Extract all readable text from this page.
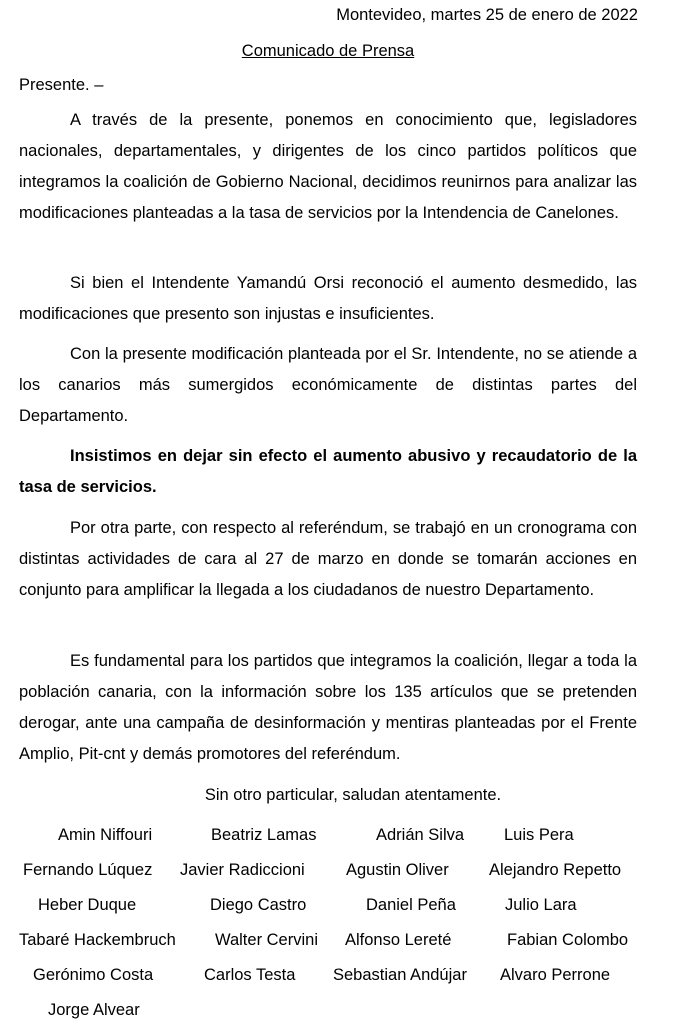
Montevideo, martes 25 de enero de 2022
Comunicado de Prensa
Presente. –

A través de la presente, ponemos en conocimiento que, legisladores nacionales, departamentales, y dirigentes de los cinco partidos políticos que integramos la coalición de Gobierno Nacional, decidimos reunirnos para analizar las modificaciones planteadas a la tasa de servicios por la Intendencia de Canelones.

Si bien el Intendente Yamandú Orsi reconoció el aumento desmedido, las modificaciones que presento son injustas e insuficientes.

Con la presente modificación planteada por el Sr. Intendente, no se atiende a los canarios más sumergidos económicamente de distintas partes del Departamento.

Insistimos en dejar sin efecto el aumento abusivo y recaudatorio de la tasa de servicios.

Por otra parte, con respecto al referéndum, se trabajó en un cronograma con distintas actividades de cara al 27 de marzo en donde se tomarán acciones en conjunto para amplificar la llegada a los ciudadanos de nuestro Departamento.

Es fundamental para los partidos que integramos la coalición, llegar a toda la población canaria, con la información sobre los 135 artículos que se pretenden derogar, ante una campaña de desinformación y mentiras planteadas por el Frente Amplio, Pit-cnt y demás promotores del referéndum.

Sin otro particular, saludan atentamente.
Amin Niffouri	Beatriz Lamas	Adrián Silva Luis Pera
Fernando Lúquez Javier Radiccioni	Agustin Oliver Alejandro Repetto
Heber Duque	Diego Castro	Daniel Peña	Julio Lara
Tabaré Hackembruch Walter Cervini Alfonso Lereté	Fabian Colombo
Gerónimo Costa	Carlos Testa Sebastian Andújar Alvaro Perrone
Jorge Alvear
